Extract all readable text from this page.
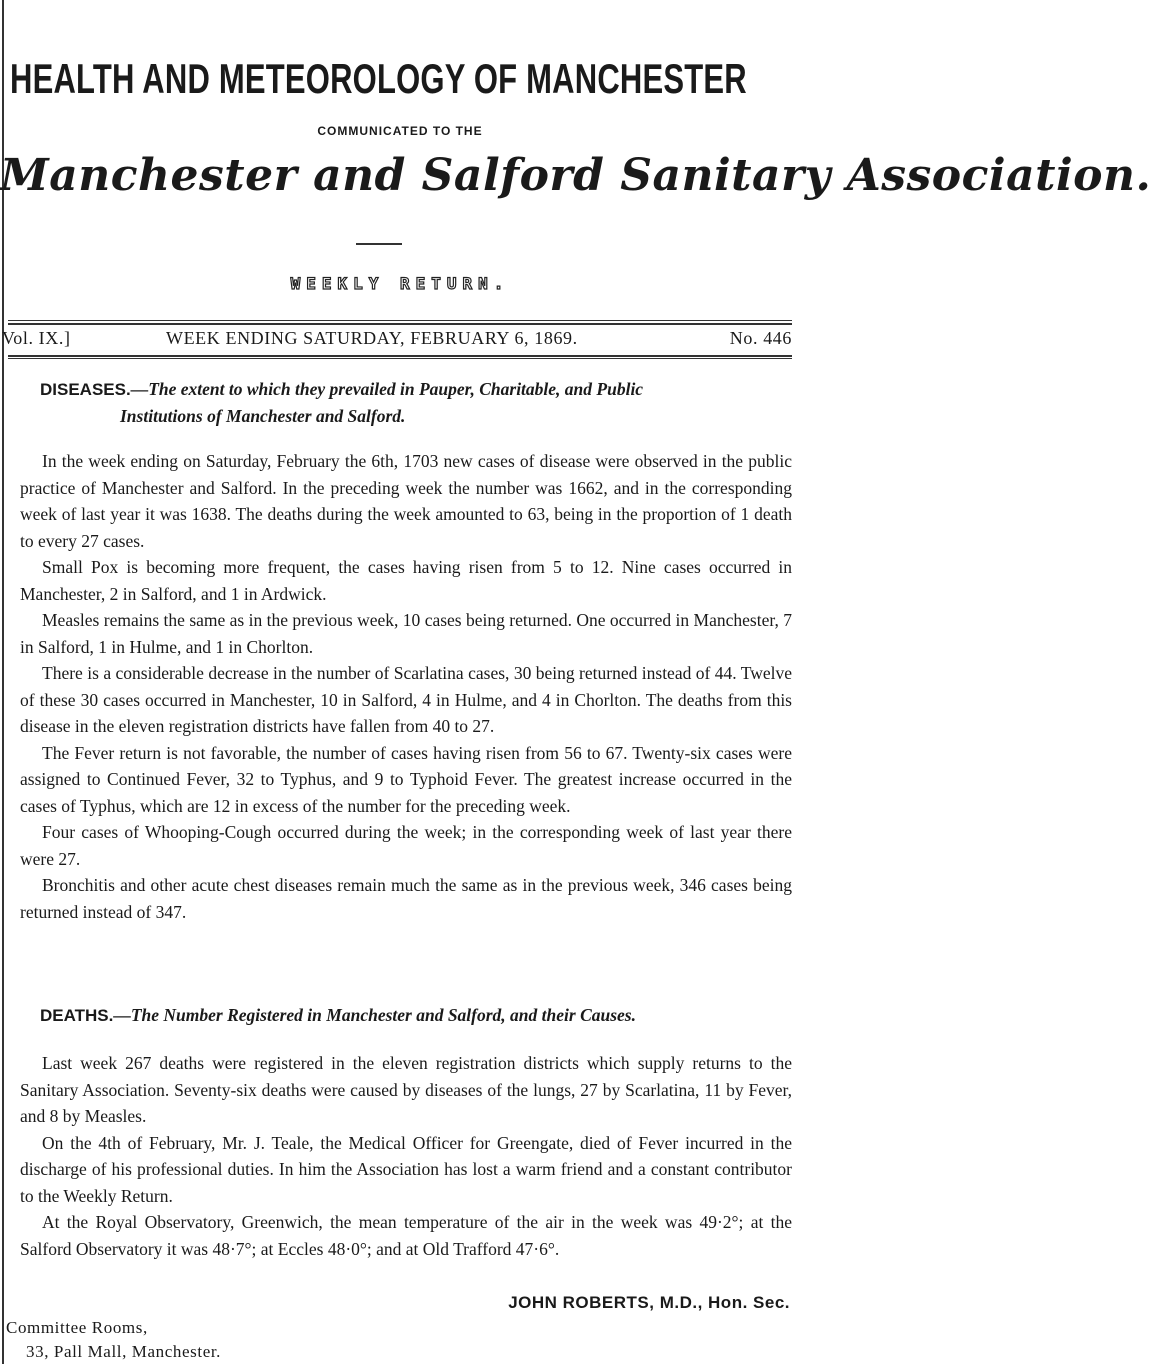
HEALTH AND METEOROLOGY OF MANCHESTER
COMMUNICATED TO THE
Manchester and Salford Sanitary Association.
WEEKLY RETURN.
Vol. IX.]	WEEK ENDING SATURDAY, FEBRUARY 6, 1869.	No. 446
DISEASES.—The extent to which they prevailed in Pauper, Charitable, and Public
Institutions of Manchester and Salford.

In the week ending on Saturday, February the 6th, 1703 new cases of disease were observed in the public practice of Manchester and Salford. In the preceding week the number was 1662, and in the corresponding week of last year it was 1638. The deaths during the week amounted to 63, being in the proportion of 1 death to every 27 cases.

Small Pox is becoming more frequent, the cases having risen from 5 to 12. Nine cases occurred in Manchester, 2 in Salford, and 1 in Ardwick.

Measles remains the same as in the previous week, 10 cases being returned. One occurred in Manchester, 7 in Salford, 1 in Hulme, and 1 in Chorlton.

There is a considerable decrease in the number of Scarlatina cases, 30 being returned instead of 44. Twelve of these 30 cases occurred in Manchester, 10 in Salford, 4 in Hulme, and 4 in Chorlton. The deaths from this disease in the eleven registration districts have fallen from 40 to 27.

The Fever return is not favorable, the number of cases having risen from 56 to 67. Twenty-six cases were assigned to Continued Fever, 32 to Typhus, and 9 to Typhoid Fever. The greatest increase occurred in the cases of Typhus, which are 12 in excess of the number for the preceding week.

Four cases of Whooping-Cough occurred during the week; in the corresponding week of last year there were 27.

Bronchitis and other acute chest diseases remain much the same as in the previous week, 346 cases being returned instead of 347.

DEATHS.—The Number Registered in Manchester and Salford, and their Causes.

Last week 267 deaths were registered in the eleven registration districts which supply returns to the Sanitary Association. Seventy-six deaths were caused by diseases of the lungs, 27 by Scarlatina, 11 by Fever, and 8 by Measles.

On the 4th of February, Mr. J. Teale, the Medical Officer for Greengate, died of Fever incurred in the discharge of his professional duties. In him the Association has lost a warm friend and a constant contributor to the Weekly Return.

At the Royal Observatory, Greenwich, the mean temperature of the air in the week was 49·2°; at the Salford Observatory it was 48·7°; at Eccles 48·0°; and at Old Trafford 47·6°.

JOHN ROBERTS, M.D., Hon. Sec.
Committee Rooms,
33, Pall Mall, Manchester.
